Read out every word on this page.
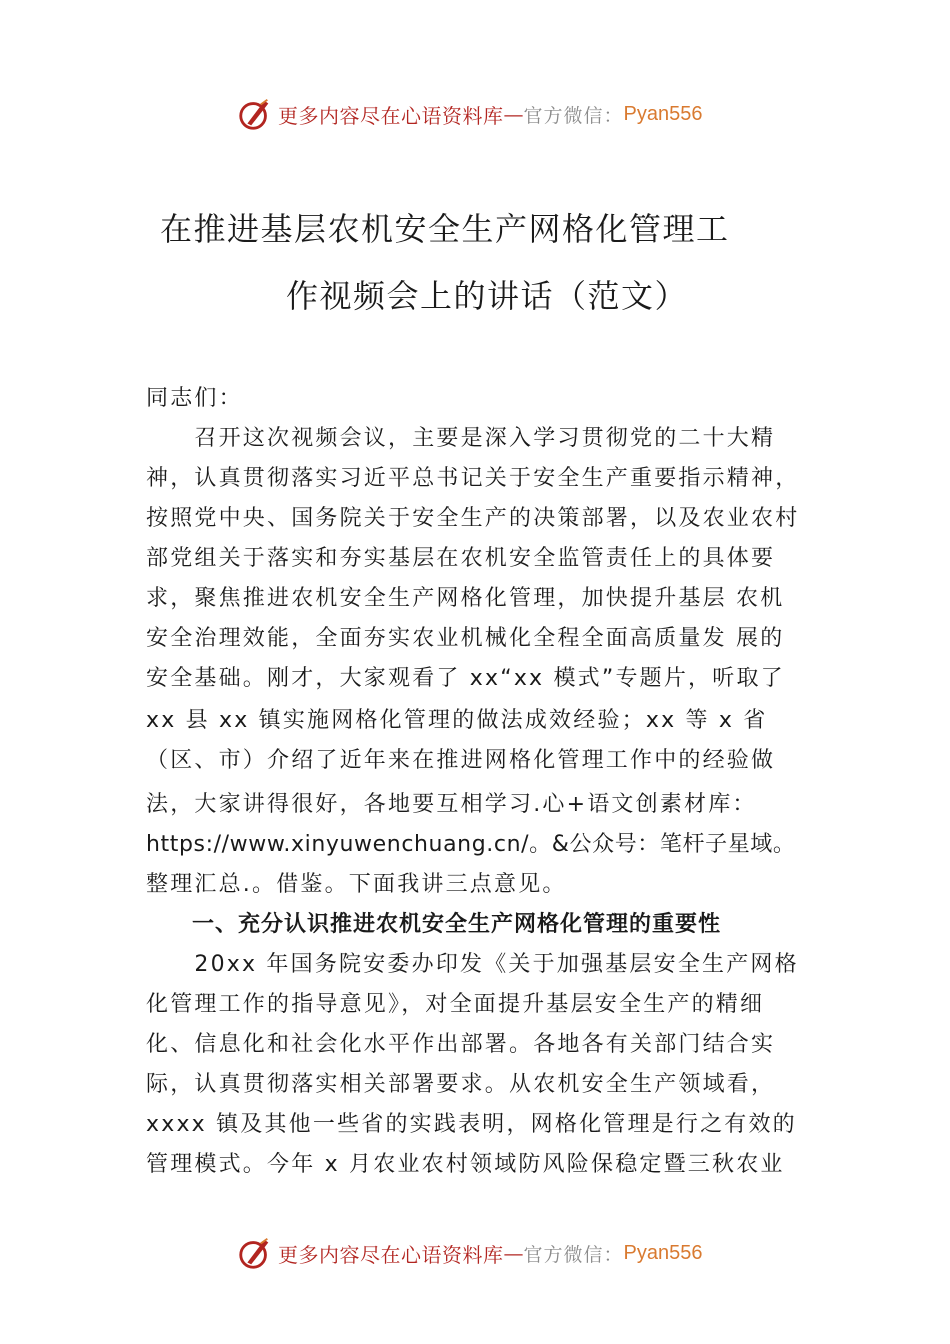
更多内容尽在心语资料库 — 官方微信： Pyan556
在推进基层农机安全生产网格化管理工
作视频会上的讲话（范文）
同志们：
　　召开这次视频会议，主要是深入学习贯彻党的二十大精
神，认真贯彻落实习近平总书记关于安全生产重要指示精神，
按照党中央、国务院关于安全生产的决策部署，以及农业农村
部党组关于落实和夯实基层在农机安全监管责任上的具体要
求，聚焦推进农机安全生产网格化管理，加快提升基层 农机
安全治理效能，全面夯实农业机械化全程全面高质量发 展的
安全基础。刚才，大家观看了 xx“xx 模式”专题片，听取了
xx 县 xx 镇实施网格化管理的做法成效经验；xx 等 x 省
（区、市）介绍了近年来在推进网格化管理工作中的经验做
法，大家讲得很好，各地要互相学习.心+语文创素材库：
https://www.xinyuwenchuang.cn/。&公众号：笔杆子星域。
整理汇总.。借鉴。下面我讲三点意见。
　　一、充分认识推进农机安全生产网格化管理的重要性
　　20xx 年国务院安委办印发《关于加强基层安全生产网格
化管理工作的指导意见》，对全面提升基层安全生产的精细
化、信息化和社会化水平作出部署。各地各有关部门结合实
际，认真贯彻落实相关部署要求。从农机安全生产领域看，
xxxx 镇及其他一些省的实践表明，网格化管理是行之有效的
管理模式。今年 x 月农业农村领域防风险保稳定暨三秋农业
更多内容尽在心语资料库 — 官方微信： Pyan556
